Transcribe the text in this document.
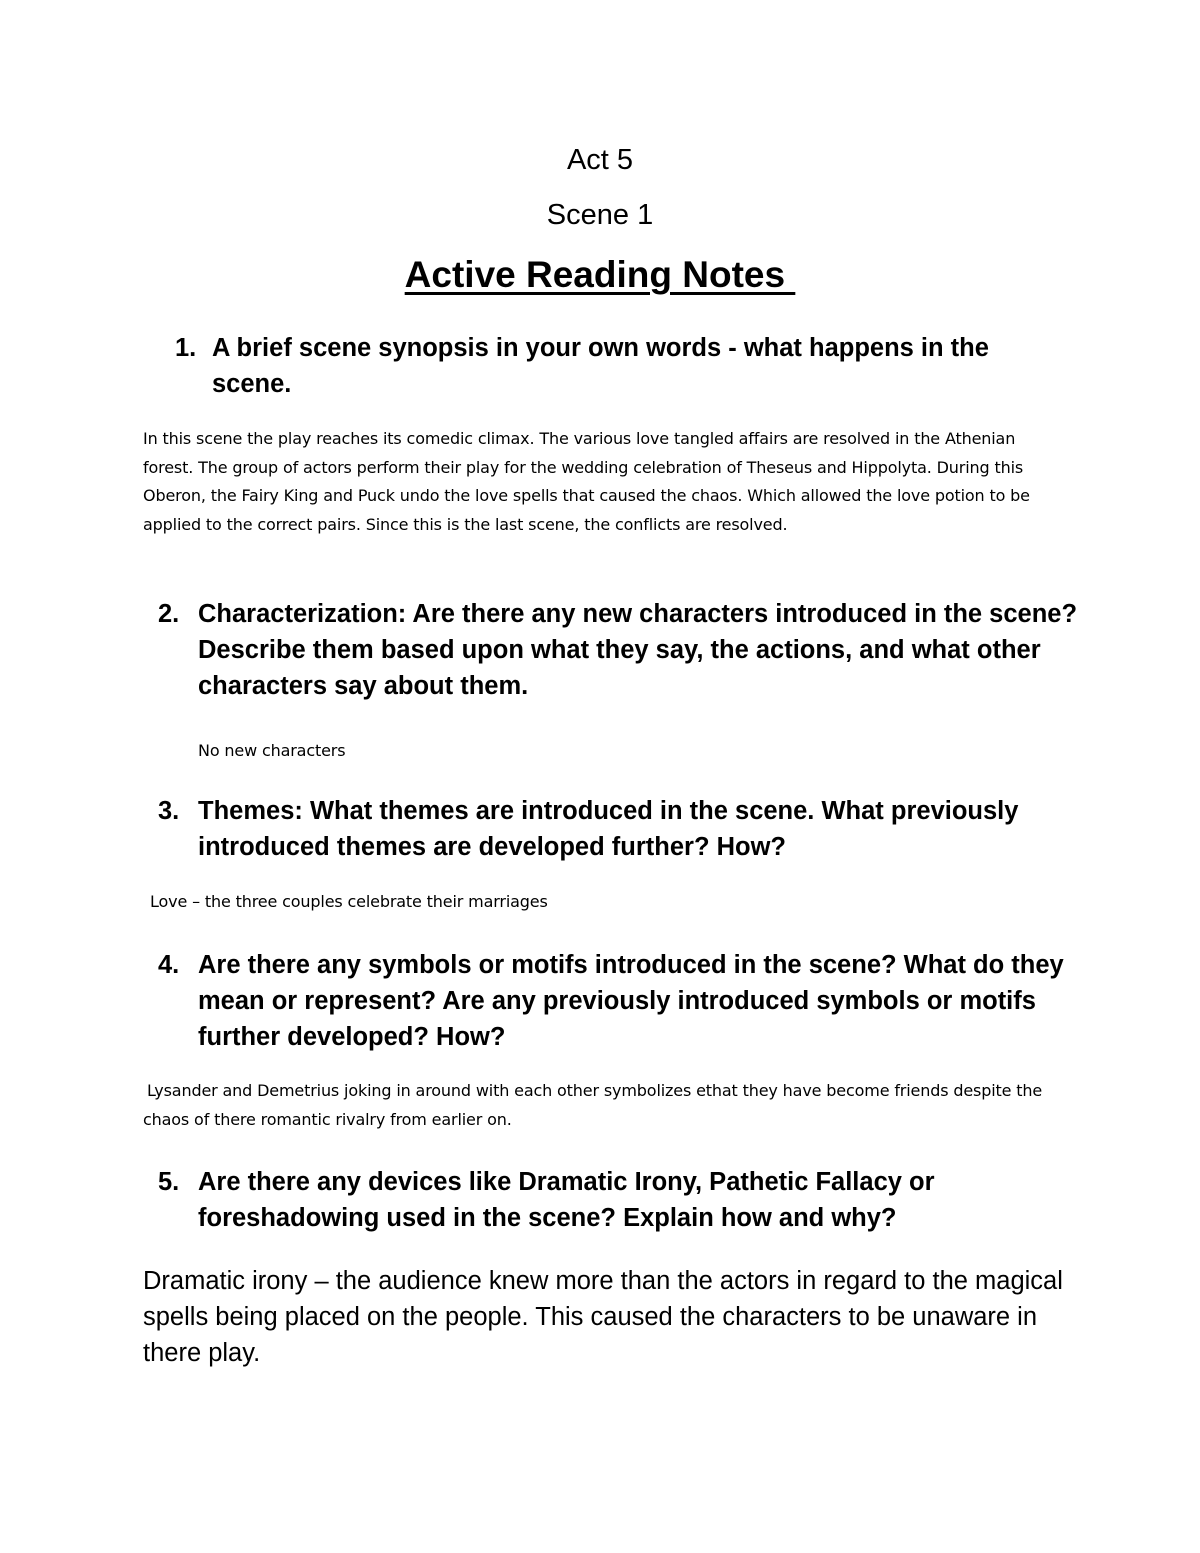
Act 5

Scene 1

Active Reading Notes

1. A brief scene synopsis in your own words - what happens in the scene.

In this scene the play reaches its comedic climax. The various love tangled affairs are resolved in the Athenian forest. The group of actors perform their play for the wedding celebration of Theseus and Hippolyta. During this Oberon, the Fairy King and Puck undo the love spells that caused the chaos. Which allowed the love potion to be applied to the correct pairs. Since this is the last scene, the conflicts are resolved.

2. Characterization: Are there any new characters introduced in the scene? Describe them based upon what they say, the actions, and what other characters say about them.

No new characters

3. Themes: What themes are introduced in the scene. What previously introduced themes are developed further? How?

Love – the three couples celebrate their marriages

4. Are there any symbols or motifs introduced in the scene? What do they mean or represent? Are any previously introduced symbols or motifs further developed? How?

Lysander and Demetrius joking in around with each other symbolizes ethat they have become friends despite the chaos of there romantic rivalry from earlier on.

5. Are there any devices like Dramatic Irony, Pathetic Fallacy or foreshadowing used in the scene? Explain how and why?

Dramatic irony – the audience knew more than the actors in regard to the magical spells being placed on the people. This caused the characters to be unaware in there play.
